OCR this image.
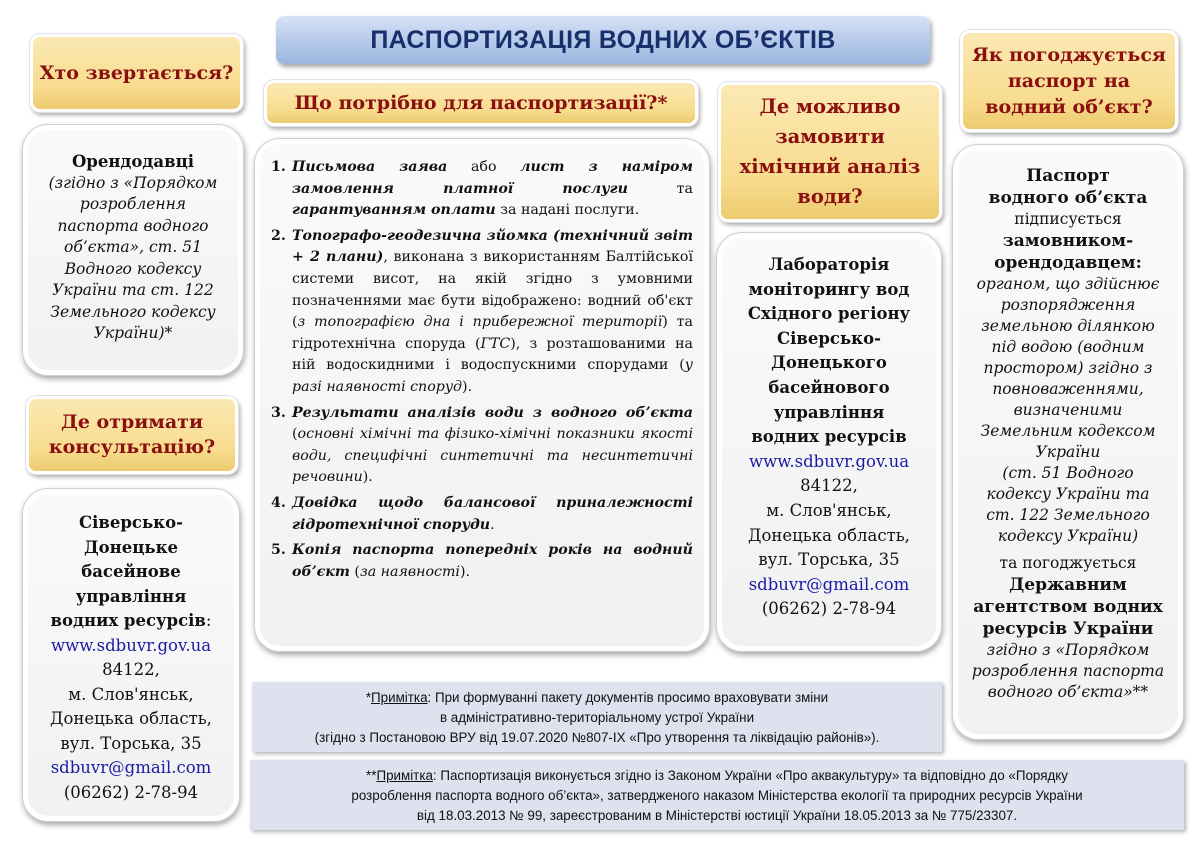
ПАСПОРТИЗАЦІЯ ВОДНИХ ОБ’ЄКТІВ
Хто звертається?
Орендодавці
(згідно з «Порядком розроблення паспорта водного об’єкта», ст. 51 Водного кодексу України та ст. 122 Земельного кодексу України)*
Де отримати консультацію?
Сіверсько-Донецьке басейнове управління водних ресурсів:
www.sdbuvr.gov.ua
84122,
м. Слов'янськ,
Донецька область,
вул. Торська, 35
sdbuvr@gmail.com
(06262) 2-78-94
Що потрібно для паспортизації?*
1. Письмова заява або лист з наміром замовлення платної послуги та гарантуванням оплати за надані послуги.
2. Топографо-геодезична зйомка (технічний звіт + 2 плани), виконана з використанням Балтійської системи висот, на якій згідно з умовними позначеннями має бути відображено: водний об'єкт (з топографією дна і прибережної території) та гідротехнічна споруда (ГТС), з розташованими на ній водоскидними і водоспускними спорудами (у разі наявності споруд).
3. Результати аналізів води з водного об’єкта (основні хімічні та фізико-хімічні показники якості води, специфічні синтетичні та несинтетичні речовини).
4. Довідка щодо балансової приналежності гідротехнічної споруди.
5. Копія паспорта попередніх років на водний об’єкт (за наявності).
Де можливо замовити хімічний аналіз води?
Лабораторія моніторингу вод Східного регіону Сіверсько-Донецького басейнового управління водних ресурсів
www.sdbuvr.gov.ua
84122,
м. Слов'янськ,
Донецька область,
вул. Торська, 35
sdbuvr@gmail.com
(06262) 2-78-94
Як погоджується паспорт на водний об’єкт?
Паспорт водного об’єкта
підписується
замовником-орендодавцем:
органом, що здійснює розпорядження земельною ділянкою під водою (водним простором) згідно з повноваженнями, визначеними Земельним кодексом України
(ст. 51 Водного кодексу України та ст. 122 Земельного кодексу України)
та погоджується
Державним агентством водних ресурсів України
згідно з «Порядком розроблення паспорта водного об’єкта»**
*Примітка: При формуванні пакету документів просимо враховувати зміни
в адміністративно-територіальному устрої України
(згідно з Постановою ВРУ від 19.07.2020 №807-IX «Про утворення та ліквідацію районів»).
**Примітка: Паспортизація виконується згідно із Законом України «Про аквакультуру» та відповідно до «Порядку
розроблення паспорта водного об’єкта», затвердженого наказом Міністерства екології та природних ресурсів України
від 18.03.2013 № 99, зареєстрованим в Міністерстві юстиції України 18.05.2013 за № 775/23307.
